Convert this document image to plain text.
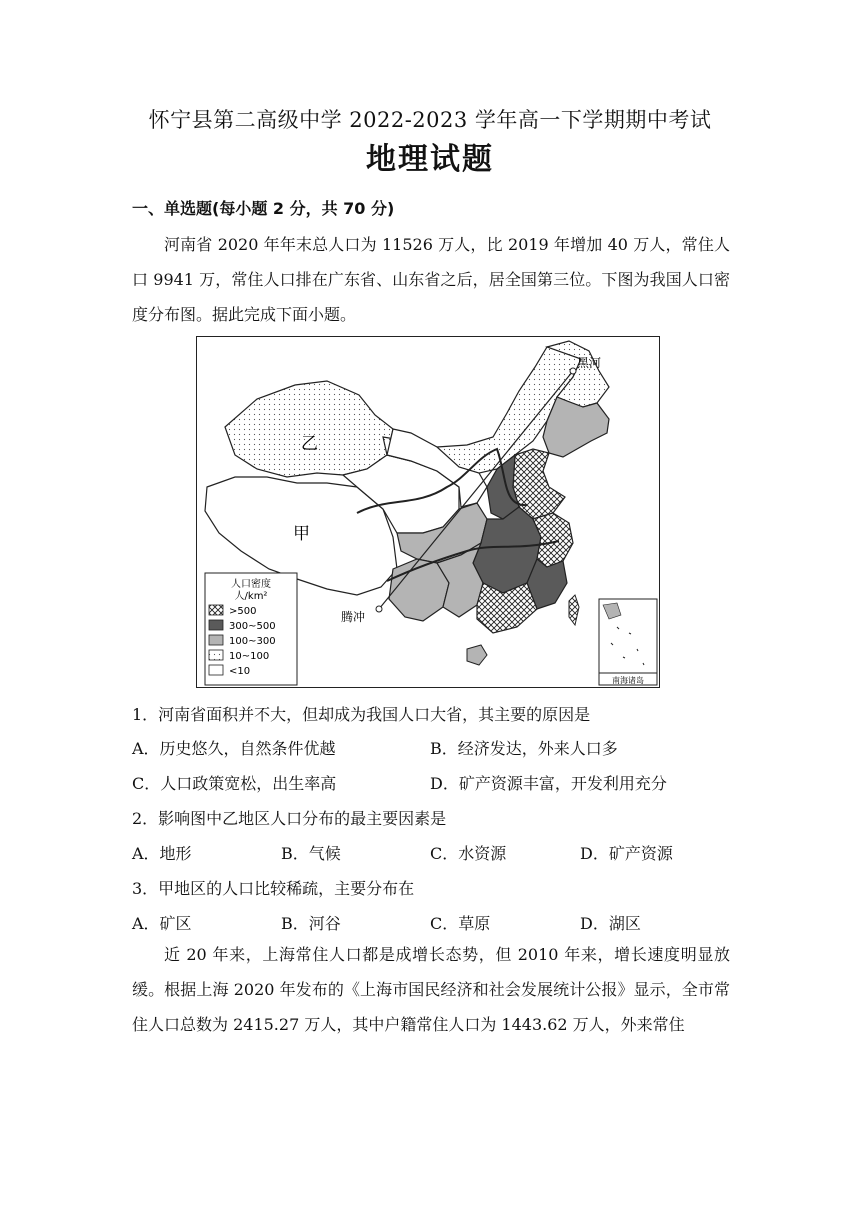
怀宁县第二高级中学 2022-2023 学年高一下学期期中考试
地理试题
一、单选题(每小题 2 分，共 70 分)
河南省 2020 年年末总人口为 11526 万人，比 2019 年增加 40 万人，常住人口 9941 万，常住人口排在广东省、山东省之后，居全国第三位。下图为我国人口密度分布图。据此完成下面小题。
南海诸岛
黑河
腾冲
乙
甲
人口密度
人/km²
>500
300~500
100~300
10~100
<10
1．河南省面积并不大，但却成为我国人口大省，其主要的原因是
A．历史悠久，自然条件优越	B．经济发达，外来人口多
C．人口政策宽松，出生率高	D．矿产资源丰富，开发利用充分
2．影响图中乙地区人口分布的最主要因素是
A．地形	B．气候	C．水资源	D．矿产资源
3．甲地区的人口比较稀疏，主要分布在
A．矿区	B．河谷	C．草原	D．湖区
近 20 年来，上海常住人口都是成增长态势，但 2010 年来，增长速度明显放缓。根据上海 2020 年发布的《上海市国民经济和社会发展统计公报》显示，全市常住人口总数为 2415.27 万人，其中户籍常住人口为 1443.62 万人，外来常住
